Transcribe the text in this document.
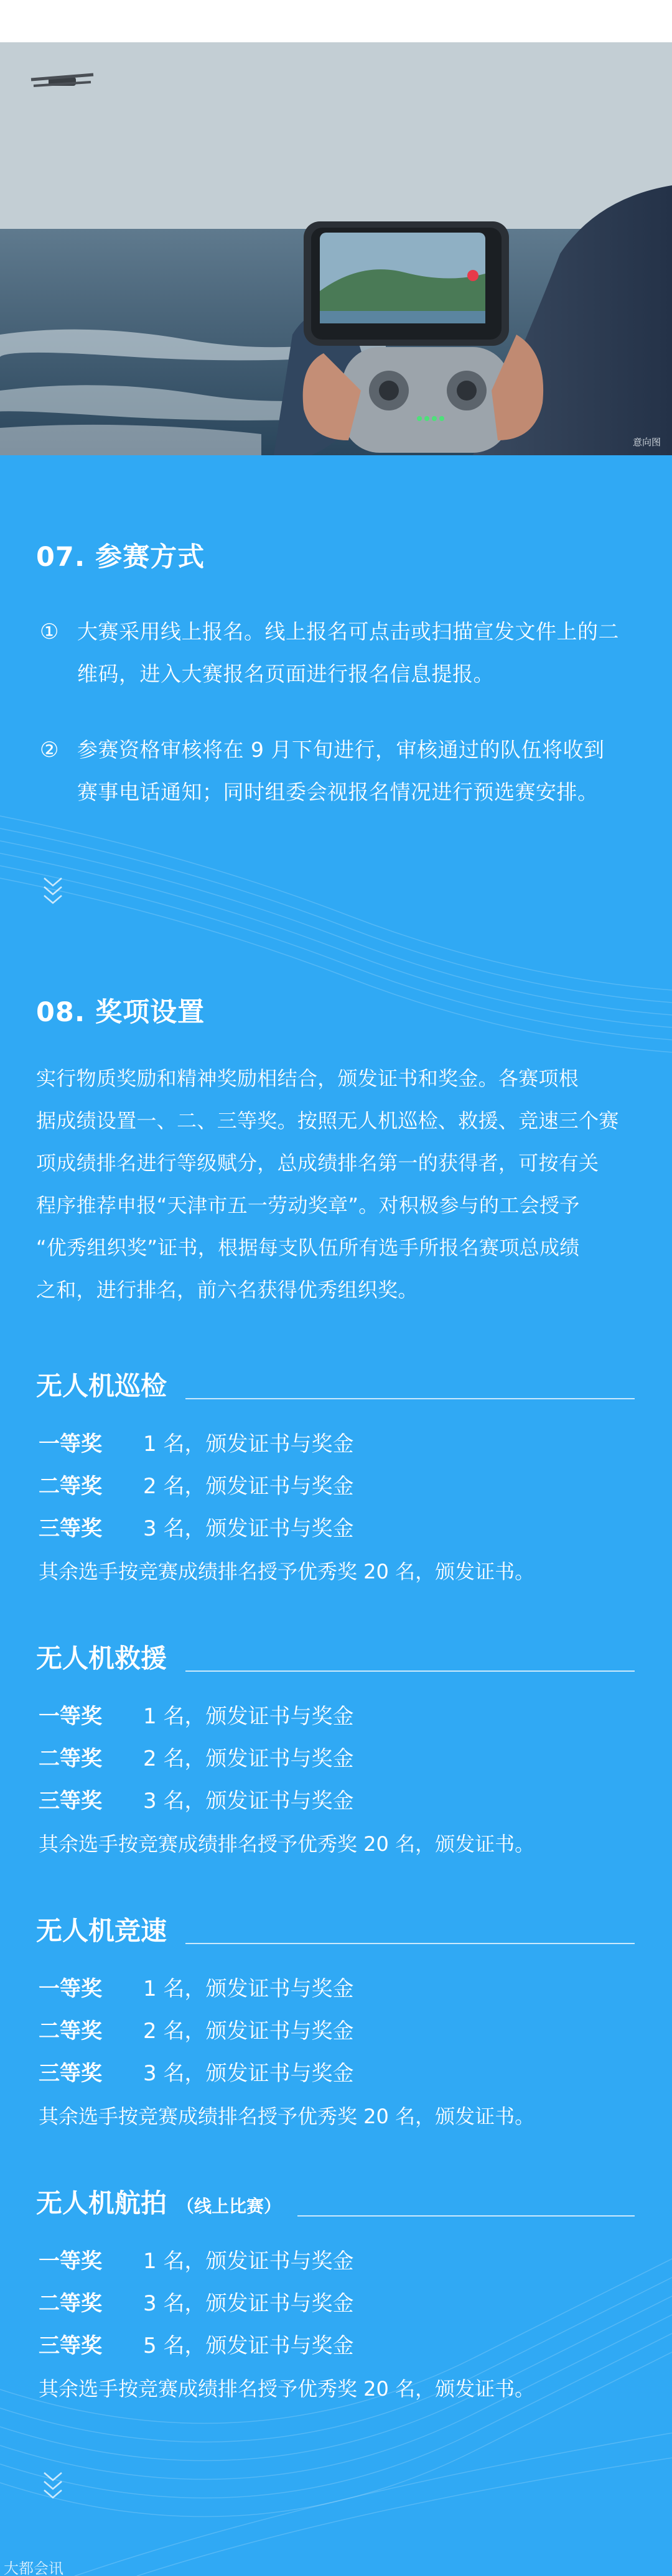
意向图
07. 参赛方式
① 大赛采用线上报名。线上报名可点击或扫描宣发文件上的二
维码，进入大赛报名页面进行报名信息提报。
② 参赛资格审核将在 9 月下旬进行，审核通过的队伍将收到
赛事电话通知；同时组委会视报名情况进行预选赛安排。
08. 奖项设置
实行物质奖励和精神奖励相结合，颁发证书和奖金。各赛项根
据成绩设置一、二、三等奖。按照无人机巡检、救援、竞速三个赛
项成绩排名进行等级赋分，总成绩排名第一的获得者，可按有关
程序推荐申报“天津市五一劳动奖章”。对积极参与的工会授予
“优秀组织奖”证书，根据每支队伍所有选手所报名赛项总成绩
之和，进行排名，前六名获得优秀组织奖。
无人机巡检
一等奖 1 名，颁发证书与奖金
二等奖 2 名，颁发证书与奖金
三等奖 3 名，颁发证书与奖金
其余选手按竞赛成绩排名授予优秀奖 20 名，颁发证书。
无人机救援
一等奖 1 名，颁发证书与奖金
二等奖 2 名，颁发证书与奖金
三等奖 3 名，颁发证书与奖金
其余选手按竞赛成绩排名授予优秀奖 20 名，颁发证书。
无人机竞速
一等奖 1 名，颁发证书与奖金
二等奖 2 名，颁发证书与奖金
三等奖 3 名，颁发证书与奖金
其余选手按竞赛成绩排名授予优秀奖 20 名，颁发证书。
无人机航拍 （线上比赛）
一等奖 1 名，颁发证书与奖金
二等奖 3 名，颁发证书与奖金
三等奖 5 名，颁发证书与奖金
其余选手按竞赛成绩排名授予优秀奖 20 名，颁发证书。
大都会讯
